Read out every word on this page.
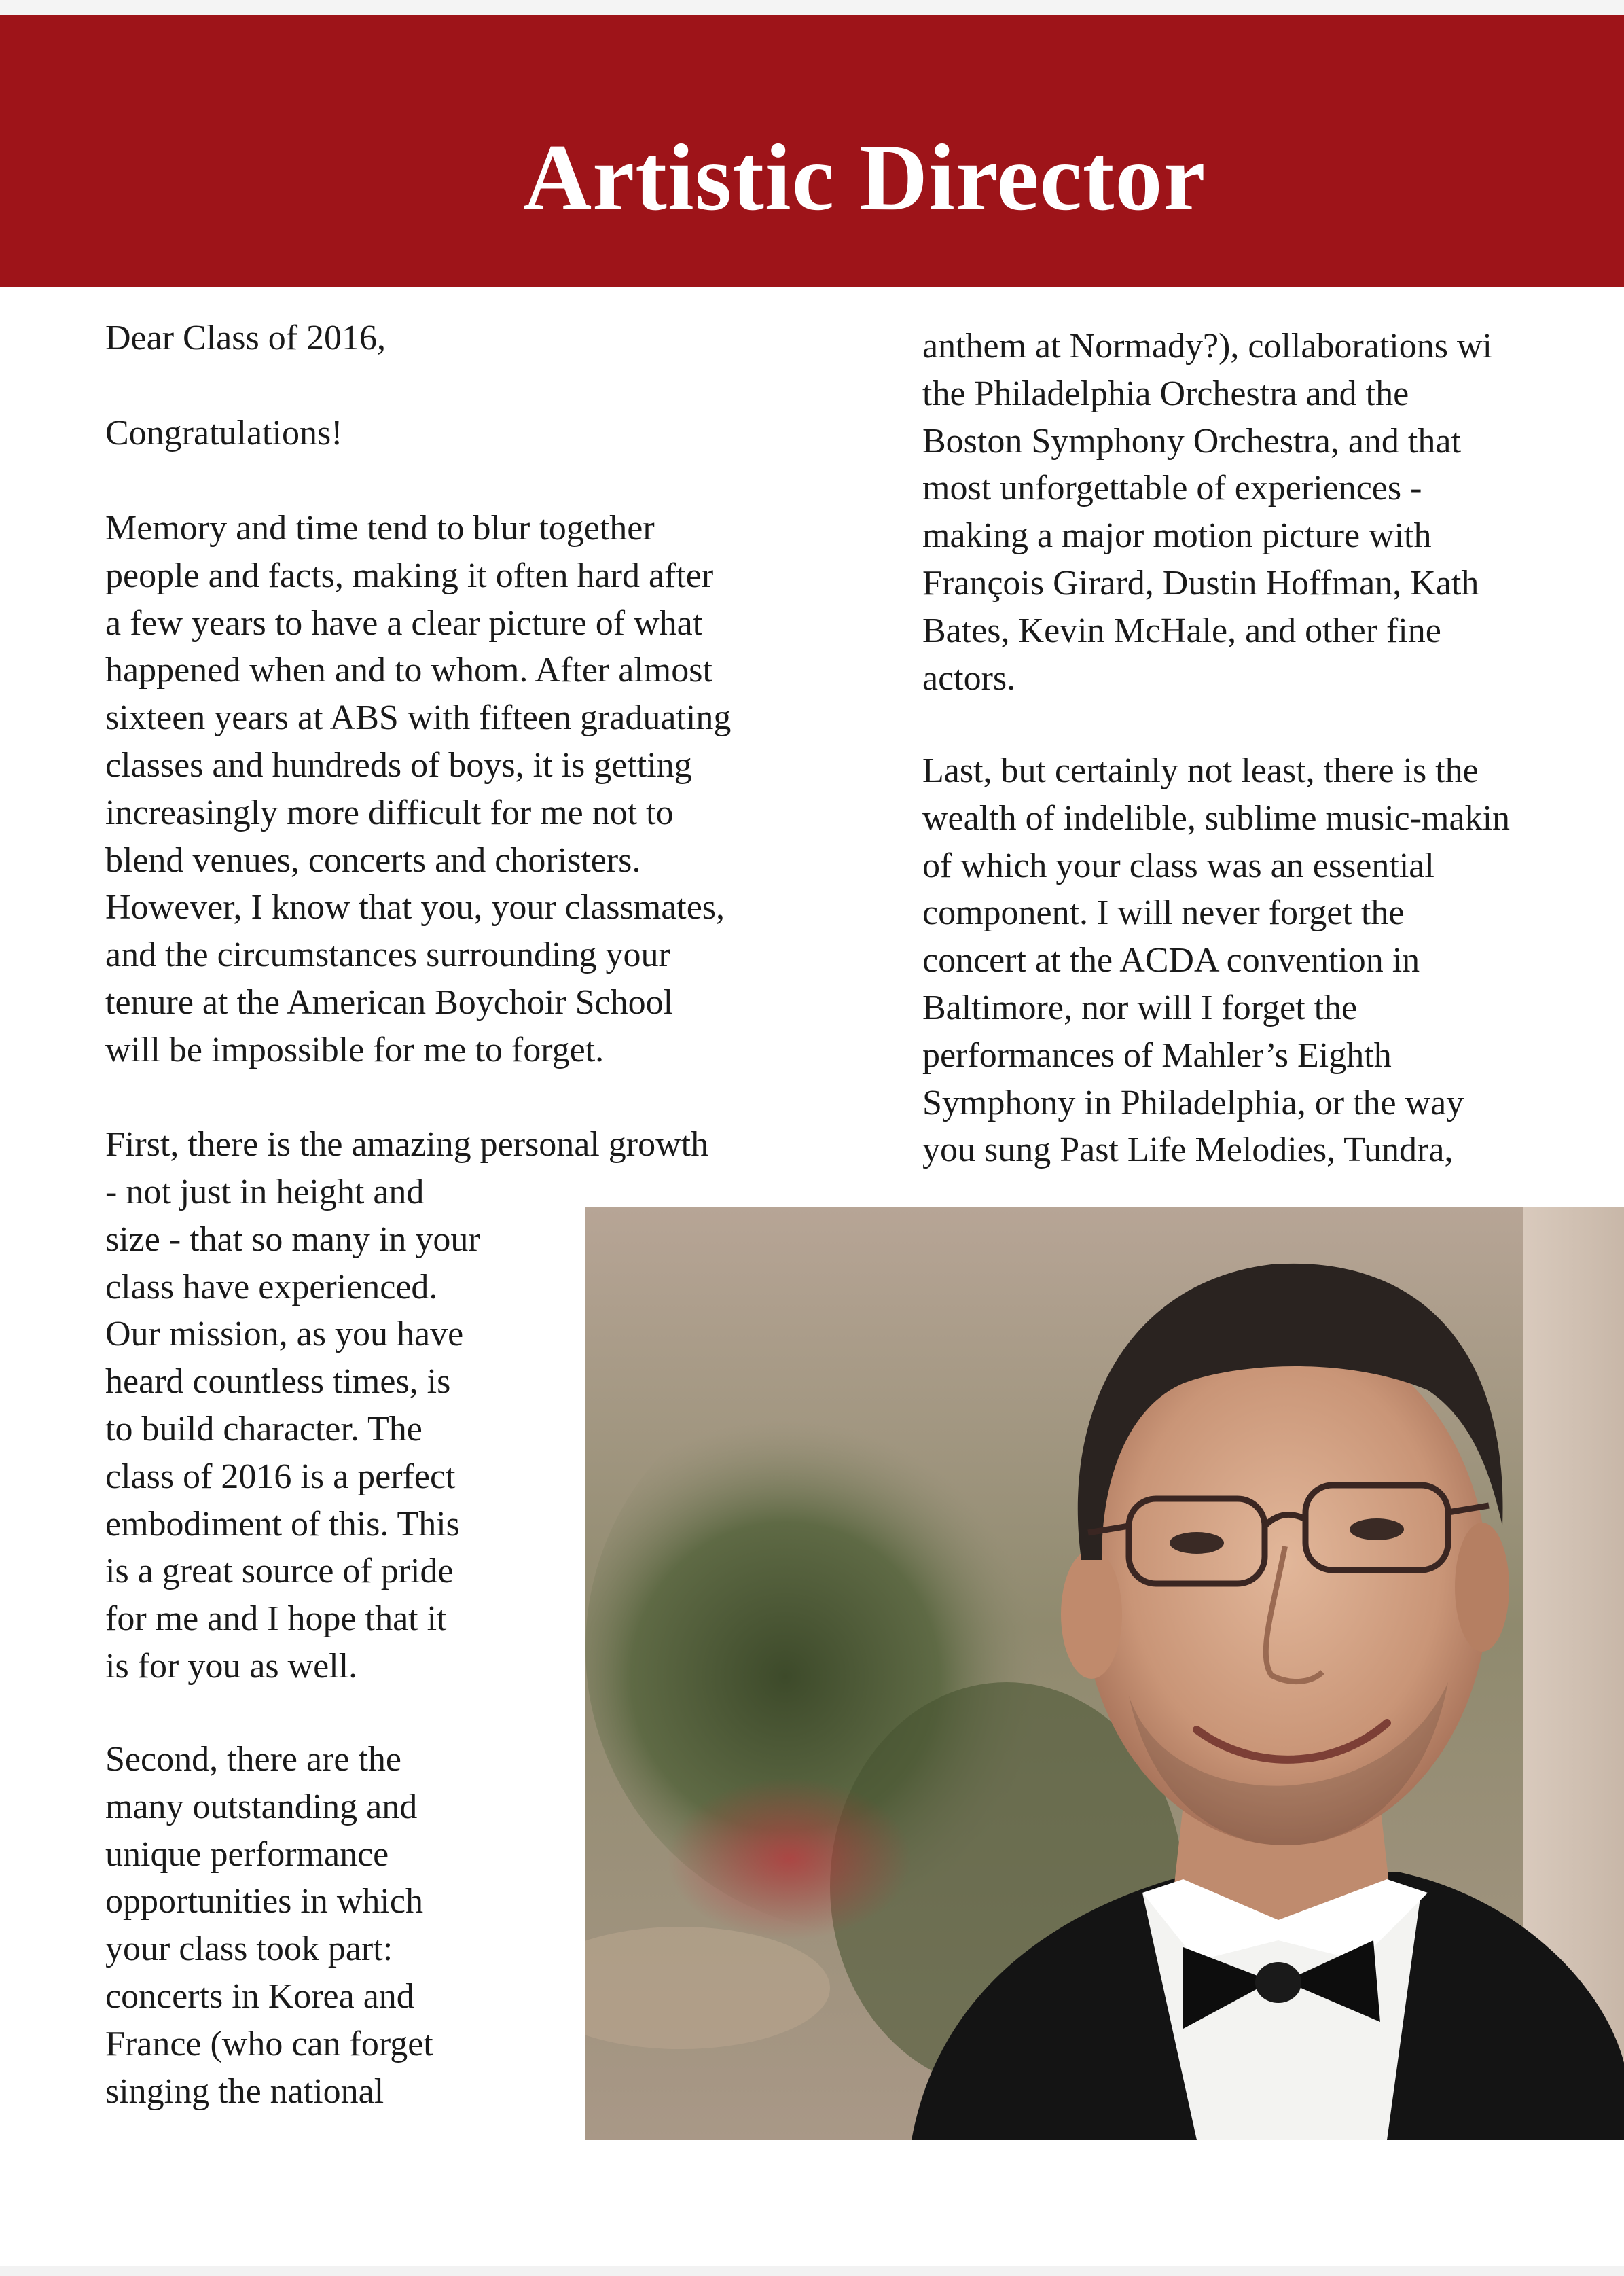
Artistic Director

Dear Class of 2016,

Congratulations!

Memory and time tend to blur together
people and facts, making it often hard after
a few years to have a clear picture of what
happened when and to whom. After almost
sixteen years at ABS with fifteen graduating
classes and hundreds of boys, it is getting
increasingly more difficult for me not to
blend venues, concerts and choristers.
However, I know that you, your classmates,
and the circumstances surrounding your
tenure at the American Boychoir School
will be impossible for me to forget.

First, there is the amazing personal growth

- not just in height and
size - that so many in your
class have experienced.
Our mission, as you have
heard countless times, is
to build character. The
class of 2016 is a perfect
embodiment of this. This
is a great source of pride
for me and I hope that it
is for you as well.
Second, there are the
many outstanding and
unique performance
opportunities in which
your class took part:
concerts in Korea and
France (who can forget
singing the national
anthem at Normady?), collaborations wi
the Philadelphia Orchestra and the
Boston Symphony Orchestra, and that
most unforgettable of experiences -
making a major motion picture with
François Girard, Dustin Hoffman, Kath
Bates, Kevin McHale, and other fine
actors.
Last, but certainly not least, there is the
wealth of indelible, sublime music-makin
of which your class was an essential
component. I will never forget the
concert at the ACDA convention in
Baltimore, nor will I forget the
performances of Mahler’s Eighth
Symphony in Philadelphia, or the way
you sung Past Life Melodies, Tundra,
